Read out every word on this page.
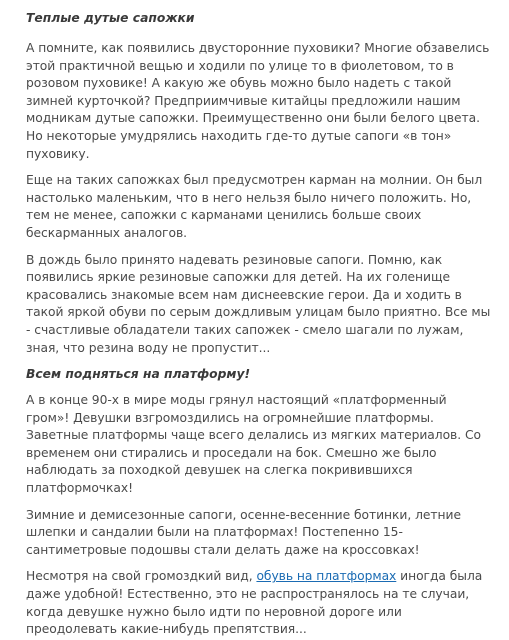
Теплые дутые сапожки

А помните, как появились двусторонние пуховики? Многие обзавелись этой практичной вещью и ходили по улице то в фиолетовом, то в розовом пуховике! А какую же обувь можно было надеть с такой зимней курточкой? Предприимчивые китайцы предложили нашим модникам дутые сапожки. Преимущественно они были белого цвета. Но некоторые умудрялись находить где-то дутые сапоги «в тон» пуховику.

Еще на таких сапожках был предусмотрен карман на молнии. Он был настолько маленьким, что в него нельзя было ничего положить. Но, тем не менее, сапожки с карманами ценились больше своих бескарманных аналогов.

В дождь было принято надевать резиновые сапоги. Помню, как появились яркие резиновые сапожки для детей. На их голенище красовались знакомые всем нам диснеевские герои. Да и ходить в такой яркой обуви по серым дождливым улицам было приятно. Все мы - счастливые обладатели таких сапожек - смело шагали по лужам, зная, что резина воду не пропустит...

Всем подняться на платформу!

А в конце 90-х в мире моды грянул настоящий «платформенный гром»! Девушки взгромоздились на огромнейшие платформы. Заветные платформы чаще всего делались из мягких материалов. Со временем они стирались и проседали на бок. Смешно же было наблюдать за походкой девушек на слегка покривившихся платформочках!

Зимние и демисезонные сапоги, осенне-весенние ботинки, летние шлепки и сандалии были на платформах! Постепенно 15-сантиметровые подошвы стали делать даже на кроссовках!

Несмотря на свой громоздкий вид, обувь на платформах иногда была даже удобной! Естественно, это не распространялось на те случаи, когда девушке нужно было идти по неровной дороге или преодолевать какие-нибудь препятствия...
